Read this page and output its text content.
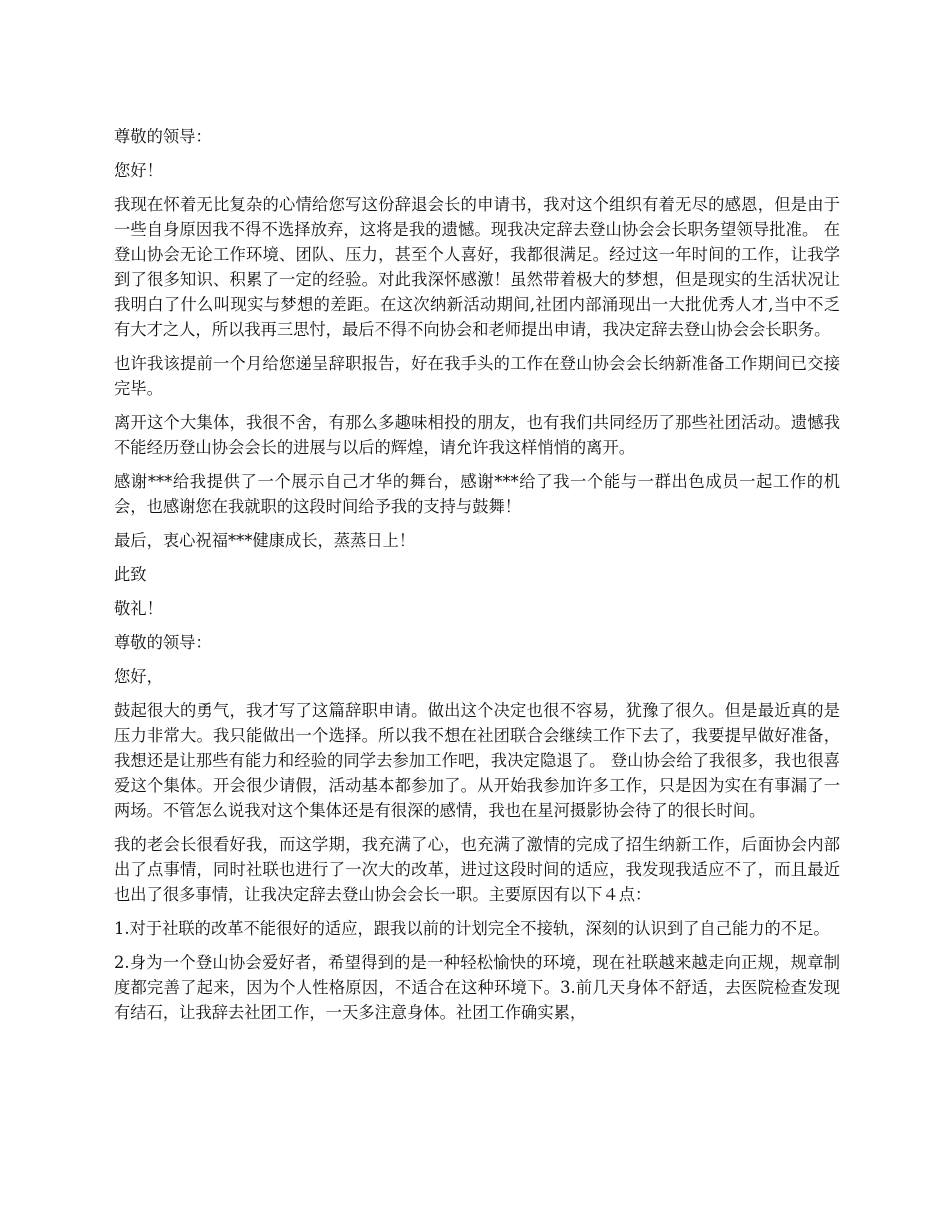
尊敬的领导：

您好！

我现在怀着无比复杂的心情给您写这份辞退会长的申请书，我对这个组织有着无尽的感恩，但是由于一些自身原因我不得不选择放弃，这将是我的遗憾。现我决定辞去登山协会会长职务望领导批准。 在登山协会无论工作环境、团队、压力，甚至个人喜好，我都很满足。经过这一年时间的工作，让我学到了很多知识、积累了一定的经验。对此我深怀感激！虽然带着极大的梦想，但是现实的生活状况让我明白了什么叫现实与梦想的差距。在这次纳新活动期间,社团内部涌现出一大批优秀人才,当中不乏有大才之人，所以我再三思忖，最后不得不向协会和老师提出申请，我决定辞去登山协会会长职务。

也许我该提前一个月给您递呈辞职报告，好在我手头的工作在登山协会会长纳新准备工作期间已交接完毕。

离开这个大集体，我很不舍，有那么多趣味相投的朋友，也有我们共同经历了那些社团活动。遗憾我不能经历登山协会会长的进展与以后的辉煌，请允许我这样悄悄的离开。

感谢***给我提供了一个展示自己才华的舞台，感谢***给了我一个能与一群出色成员一起工作的机会，也感谢您在我就职的这段时间给予我的支持与鼓舞！

最后，衷心祝福***健康成长，蒸蒸日上！

此致

敬礼！

尊敬的领导：

您好，

鼓起很大的勇气，我才写了这篇辞职申请。做出这个决定也很不容易，犹豫了很久。但是最近真的是压力非常大。我只能做出一个选择。所以我不想在社团联合会继续工作下去了，我要提早做好准备，我想还是让那些有能力和经验的同学去参加工作吧，我决定隐退了。 登山协会给了我很多，我也很喜爱这个集体。开会很少请假，活动基本都参加了。从开始我参加许多工作，只是因为实在有事漏了一两场。不管怎么说我对这个集体还是有很深的感情，我也在星河摄影协会待了的很长时间。

我的老会长很看好我，而这学期，我充满了心，也充满了激情的完成了招生纳新工作，后面协会内部出了点事情，同时社联也进行了一次大的改革，进过这段时间的适应，我发现我适应不了，而且最近也出了很多事情，让我决定辞去登山协会会长一职。主要原因有以下４点：

1.对于社联的改革不能很好的适应，跟我以前的计划完全不接轨，深刻的认识到了自己能力的不足。

2.身为一个登山协会爱好者，希望得到的是一种轻松愉快的环境，现在社联越来越走向正规，规章制度都完善了起来，因为个人性格原因，不适合在这种环境下。3.前几天身体不舒适，去医院检查发现有结石，让我辞去社团工作，一天多注意身体。社团工作确实累，
